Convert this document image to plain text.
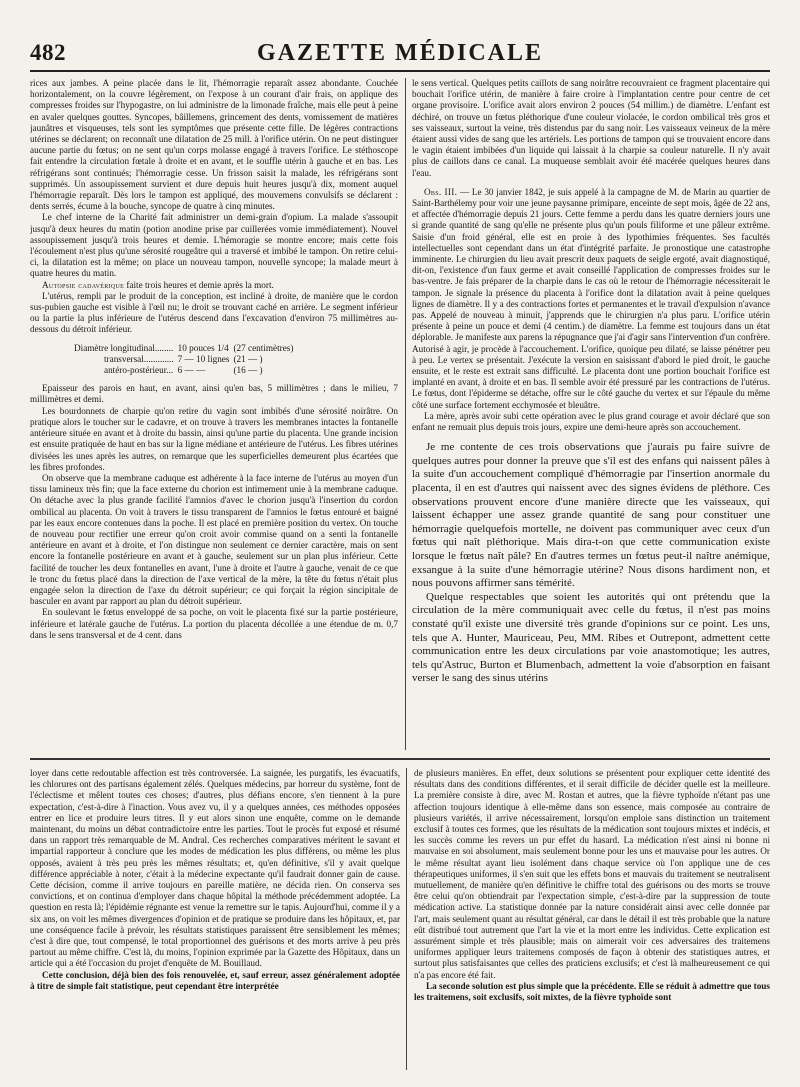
482	GAZETTE MÉDICALE

rices aux jambes. A peine placée dans le lit, l'hémorragie reparaît assez abondante. Couchée horizontalement, on la couvre légèrement, on l'expose à un courant d'air frais, on applique des compresses froides sur l'hypogastre, on lui administre de la limonade fraîche, mais elle peut à peine en avaler quelques gouttes. Syncopes, bâillemens, grincement des dents, vomissement de matières jaunâtres et visqueuses, tels sont les symptômes que présente cette fille. De légères contractions utérines se déclarent; on reconnaît une dilatation de 25 mill. à l'orifice utérin. On ne peut distinguer aucune partie du fœtus; on ne sent qu'un corps molasse engagé à travers l'orifice. Le stéthoscope fait entendre la circulation fœtale à droite et en avant, et le souffle utérin à gauche et en bas. Les réfrigérans sont continués; l'hémorragie cesse. Un frisson saisit la malade, les réfrigérans sont supprimés. Un assoupissement survient et dure depuis huit heures jusqu'à dix, moment auquel l'hémorragie reparaît. Dès lors le tampon est appliqué, des mouvemens convulsifs se déclarent : dents serrés, écume à la bouche, syncope de quatre à cinq minutes.

Le chef interne de la Charité fait administrer un demi-grain d'opium. La malade s'assoupit jusqu'à deux heures du matin (potion anodine prise par cuillerées vomie immédiatement). Nouvel assoupissement jusqu'à trois heures et demie. L'hémoragie se montre encore; mais cette fois l'écoulement n'est plus qu'une sérosité rougeâtre qui a traversé et imbibé le tampon. On retire celui-ci, la dilatation est la même; on place un nouveau tampon, nouvelle syncope; la malade meurt à quatre heures du matin.

Autopsie cadavérique faite trois heures et demie après la mort.

L'utérus, rempli par le produit de la conception, est incliné à droite, de manière que le cordon sus-pubien gauche est visible à l'œil nu; le droit se trouvant caché en arrière. Le segment inférieur ou la partie la plus inférieure de l'utérus descend dans l'excavation d'environ 75 millimètres au-dessous du détroit inférieur.

Diamètre longitudinal........	10 pouces 1/4	(27 centimètres)
transversal.............	7 — 10 lignes	(21 — )
antéro-postérieur...	6 — —	(16 — )

Epaisseur des parois en haut, en avant, ainsi qu'en bas, 5 millimètres ; dans le milieu, 7 millimètres et demi.

Les bourdonnets de charpie qu'on retire du vagin sont imbibés d'une sérosité noirâtre. On pratique alors le toucher sur le cadavre, et on trouve à travers les membranes intactes la fontanelle antérieure située en avant et à droite du bassin, ainsi qu'une partie du placenta. Une grande incision est ensuite pratiquée de haut en bas sur la ligne médiane et antérieure de l'utérus. Les fibres utérines divisées les unes après les autres, on remarque que les superficielles demeurent plus écartées que les fibres profondes.

On observe que la membrane caduque est adhérente à la face interne de l'utérus au moyen d'un tissu lamineux très fin; que la face externe du chorion est intimement unie à la membrane caduque. On détache avec la plus grande facilité l'amnios d'avec le chorion jusqu'à l'insertion du cordon ombilical au placenta. On voit à travers le tissu transparent de l'amnios le fœtus entouré et baigné par les eaux encore contenues dans la poche. Il est placé en première position du vertex. On touche de nouveau pour rectifier une erreur qu'on croit avoir commise quand on a senti la fontanelle antérieure en avant et à droite, et l'on distingue non seulement ce dernier caractère, mais on sent encore la fontanelle postérieure en avant et à gauche, seulement sur un plan plus inférieur. Cette facilité de toucher les deux fontanelles en avant, l'une à droite et l'autre à gauche, venait de ce que le tronc du fœtus placé dans la direction de l'axe vertical de la mère, la tête du fœtus n'était plus engagée selon la direction de l'axe du détroit supérieur; ce qui forçait la région sincipitale de basculer en avant par rapport au plan du détroit supérieur.

En soulevant le fœtus enveloppé de sa poche, on voit le placenta fixé sur la partie postérieure, inférieure et latérale gauche de l'utérus. La portion du placenta décollée a une étendue de m. 0,7 dans le sens transversal et de 4 cent. dans

le sens vertical. Quelques petits caillots de sang noirâtre recouvraient ce fragment placentaire qui bouchait l'orifice utérin, de manière à faire croire à l'implantation centre pour centre de cet organe provisoire. L'orifice avait alors environ 2 pouces (54 millim.) de diamètre. L'enfant est déchiré, on trouve un fœtus pléthorique d'une couleur violacée, le cordon ombilical très gros et ses vaisseaux, surtout la veine, très distendus par du sang noir. Les vaisseaux veineux de la mère étaient aussi vides de sang que les artériels. Les portions de tampon qui se trouvaient encore dans le vagin étaient imbibées d'un liquide qui laissait à la charpie sa couleur naturelle. Il n'y avait plus de caillots dans ce canal. La muqueuse semblait avoir été macérée quelques heures dans l'eau.

Obs. III. — Le 30 janvier 1842, je suis appelé à la campagne de M. de Marin au quartier de Saint-Barthélemy pour voir une jeune paysanne primipare, enceinte de sept mois, âgée de 22 ans, et affectée d'hémorragie depuis 21 jours. Cette femme a perdu dans les quatre derniers jours une si grande quantité de sang qu'elle ne présente plus qu'un pouls filiforme et une pâleur extrême. Saisie d'un froid général, elle est en proie à des lypothimies fréquentes. Ses facultés intellectuelles sont cependant dans un état d'intégrité parfaite. Je pronostique une catastrophe imminente. Le chirurgien du lieu avait prescrit deux paquets de seigle ergoté, avait diagnostiqué, dit-on, l'existence d'un faux germe et avait conseillé l'application de compresses froides sur le bas-ventre. Je fais préparer de la charpie dans le cas où le retour de l'hémorragie nécessiterait le tampon. Je signale la présence du placenta à l'orifice dont la dilatation avait à peine quelques lignes de diamètre. Il y a des contractions fortes et permanentes et le travail d'expulsion n'avance pas. Appelé de nouveau à minuit, j'apprends que le chirurgien n'a plus paru. L'orifice utérin présente à peine un pouce et demi (4 centim.) de diamètre. La femme est toujours dans un état déplorable. Je manifeste aux parens la répugnance que j'ai d'agir sans l'intervention d'un confrère. Autorisé à agir, je procède à l'accouchement. L'orifice, quoique peu dilaté, se laisse pénétrer peu à peu. Le vertex se présentait. J'exécute la version en saisissant d'abord le pied droit, le gauche ensuite, et le reste est extrait sans difficulté. Le placenta dont une portion bouchait l'orifice est implanté en avant, à droite et en bas. Il semble avoir été pressuré par les contractions de l'utérus. Le fœtus, dont l'épiderme se détache, offre sur le côté gauche du vertex et sur l'épaule du même côté une surface fortement ecchymosée et bleuâtre.

La mère, après avoir subi cette opération avec le plus grand courage et avoir déclaré que son enfant ne remuait plus depuis trois jours, expire une demi-heure après son accouchement.

Je me contente de ces trois observations que j'aurais pu faire suivre de quelques autres pour donner la preuve que s'il est des enfans qui naissent pâles à la suite d'un accouchement compliqué d'hémorragie par l'insertion anormale du placenta, il en est d'autres qui naissent avec des signes évidens de pléthore. Ces observations prouvent encore d'une manière directe que les vaisseaux, qui laissent échapper une assez grande quantité de sang pour constituer une hémorragie quelquefois mortelle, ne doivent pas communiquer avec ceux d'un fœtus qui naît pléthorique. Mais dira-t-on que cette communication existe lorsque le fœtus naît pâle? En d'autres termes un fœtus peut-il naître anémique, exsangue à la suite d'une hémorragie utérine? Nous disons hardiment non, et nous pouvons affirmer sans témérité.

Quelque respectables que soient les autorités qui ont prétendu que la circulation de la mère communiquait avec celle du fœtus, il n'est pas moins constaté qu'il existe une diversité très grande d'opinions sur ce point. Les uns, tels que A. Hunter, Mauriceau, Peu, MM. Ribes et Outrepont, admettent cette communication entre les deux circulations par voie anastomotique; les autres, tels qu'Astruc, Burton et Blumenbach, admettent la voie d'absorption en faisant verser le sang des sinus utérins

loyer dans cette redoutable affection est très controversée. La saignée, les purgatifs, les évacuatifs, les chlorures ont des partisans également zélés. Quelques médecins, par horreur du système, font de l'éclectisme et mêlent toutes ces choses; d'autres, plus défians encore, s'en tiennent à la pure expectation, c'est-à-dire à l'inaction. Vous avez vu, il y a quelques années, ces méthodes opposées entrer en lice et produire leurs titres. Il y eut alors sinon une enquête, comme on le demande maintenant, du moins un débat contradictoire entre les parties. Tout le procès fut exposé et résumé dans un rapport très remarquable de M. Andral. Ces recherches comparatives méritent le savant et impartial rapporteur à conclure que les modes de médication les plus différens, ou même les plus opposés, avaient à très peu près les mêmes résultats; et, qu'en définitive, s'il y avait quelque différence appréciable à noter, c'était à la médecine expectante qu'il faudrait donner gain de cause. Cette décision, comme il arrive toujours en pareille matière, ne décida rien. On conserva ses convictions, et on continua d'employer dans chaque hôpital la méthode précédemment adoptée. La question en resta là; l'épidémie régnante est venue la remettre sur le tapis. Aujourd'hui, comme il y a six ans, on voit les mêmes divergences d'opinion et de pratique se produire dans les hôpitaux, et, par une conséquence facile à prévoir, les résultats statistiques paraissent être sensiblement les mêmes; c'est à dire que, tout compensé, le total proportionnel des guérisons et des morts arrive à peu près partout au même chiffre. C'est là, du moins, l'opinion exprimée par la Gazette des Hôpitaux, dans un article qui a été l'occasion du projet d'enquête de M. Bouillaud.

Cette conclusion, déjà bien des fois renouvelée, et, sauf erreur, assez généralement adoptée à titre de simple fait statistique, peut cependant être interprétée

de plusieurs manières. En effet, deux solutions se présentent pour expliquer cette identité des résultats dans des conditions différentes, et il serait difficile de décider quelle est la meilleure. La première consiste à dire, avec M. Rostan et autres, que la fièvre typhoïde n'étant pas une affection toujours identique à elle-même dans son essence, mais composée au contraire de plusieurs variétés, il arrive nécessairement, lorsqu'on emploie sans distinction un traitement exclusif à toutes ces formes, que les résultats de la médication sont toujours mixtes et indécis, et les succès comme les revers un pur effet du hasard. La médication n'est ainsi ni bonne ni mauvaise en soi absolument, mais seulement bonne pour les uns et mauvaise pour les autres. Or le même résultat ayant lieu isolément dans chaque service où l'on applique une de ces thérapeutiques uniformes, il s'en suit que les effets bons et mauvais du traitement se neutralisent mutuellement, de manière qu'en définitive le chiffre total des guérisons ou des morts se trouve être celui qu'on obtiendrait par l'expectation simple, c'est-à-dire par la suppression de toute médication active. La statistique donnée par la nature considérait ainsi avec celle donnée par l'art, mais seulement quant au résultat général, car dans le détail il est très probable que la nature eût distribué tout autrement que l'art la vie et la mort entre les individus. Cette explication est assurément simple et très plausible; mais on aimerait voir ces adversaires des traitemens uniformes appliquer leurs traitemens composés de façon à obtenir des statistiques autres, et surtout plus satisfaisantes que celles des praticiens exclusifs; et c'est là malheureusement ce qui n'a pas encore été fait.

La seconde solution est plus simple que la précédente. Elle se réduit à admettre que tous les traitemens, soit exclusifs, soit mixtes, de la fièvre typhoïde sont
